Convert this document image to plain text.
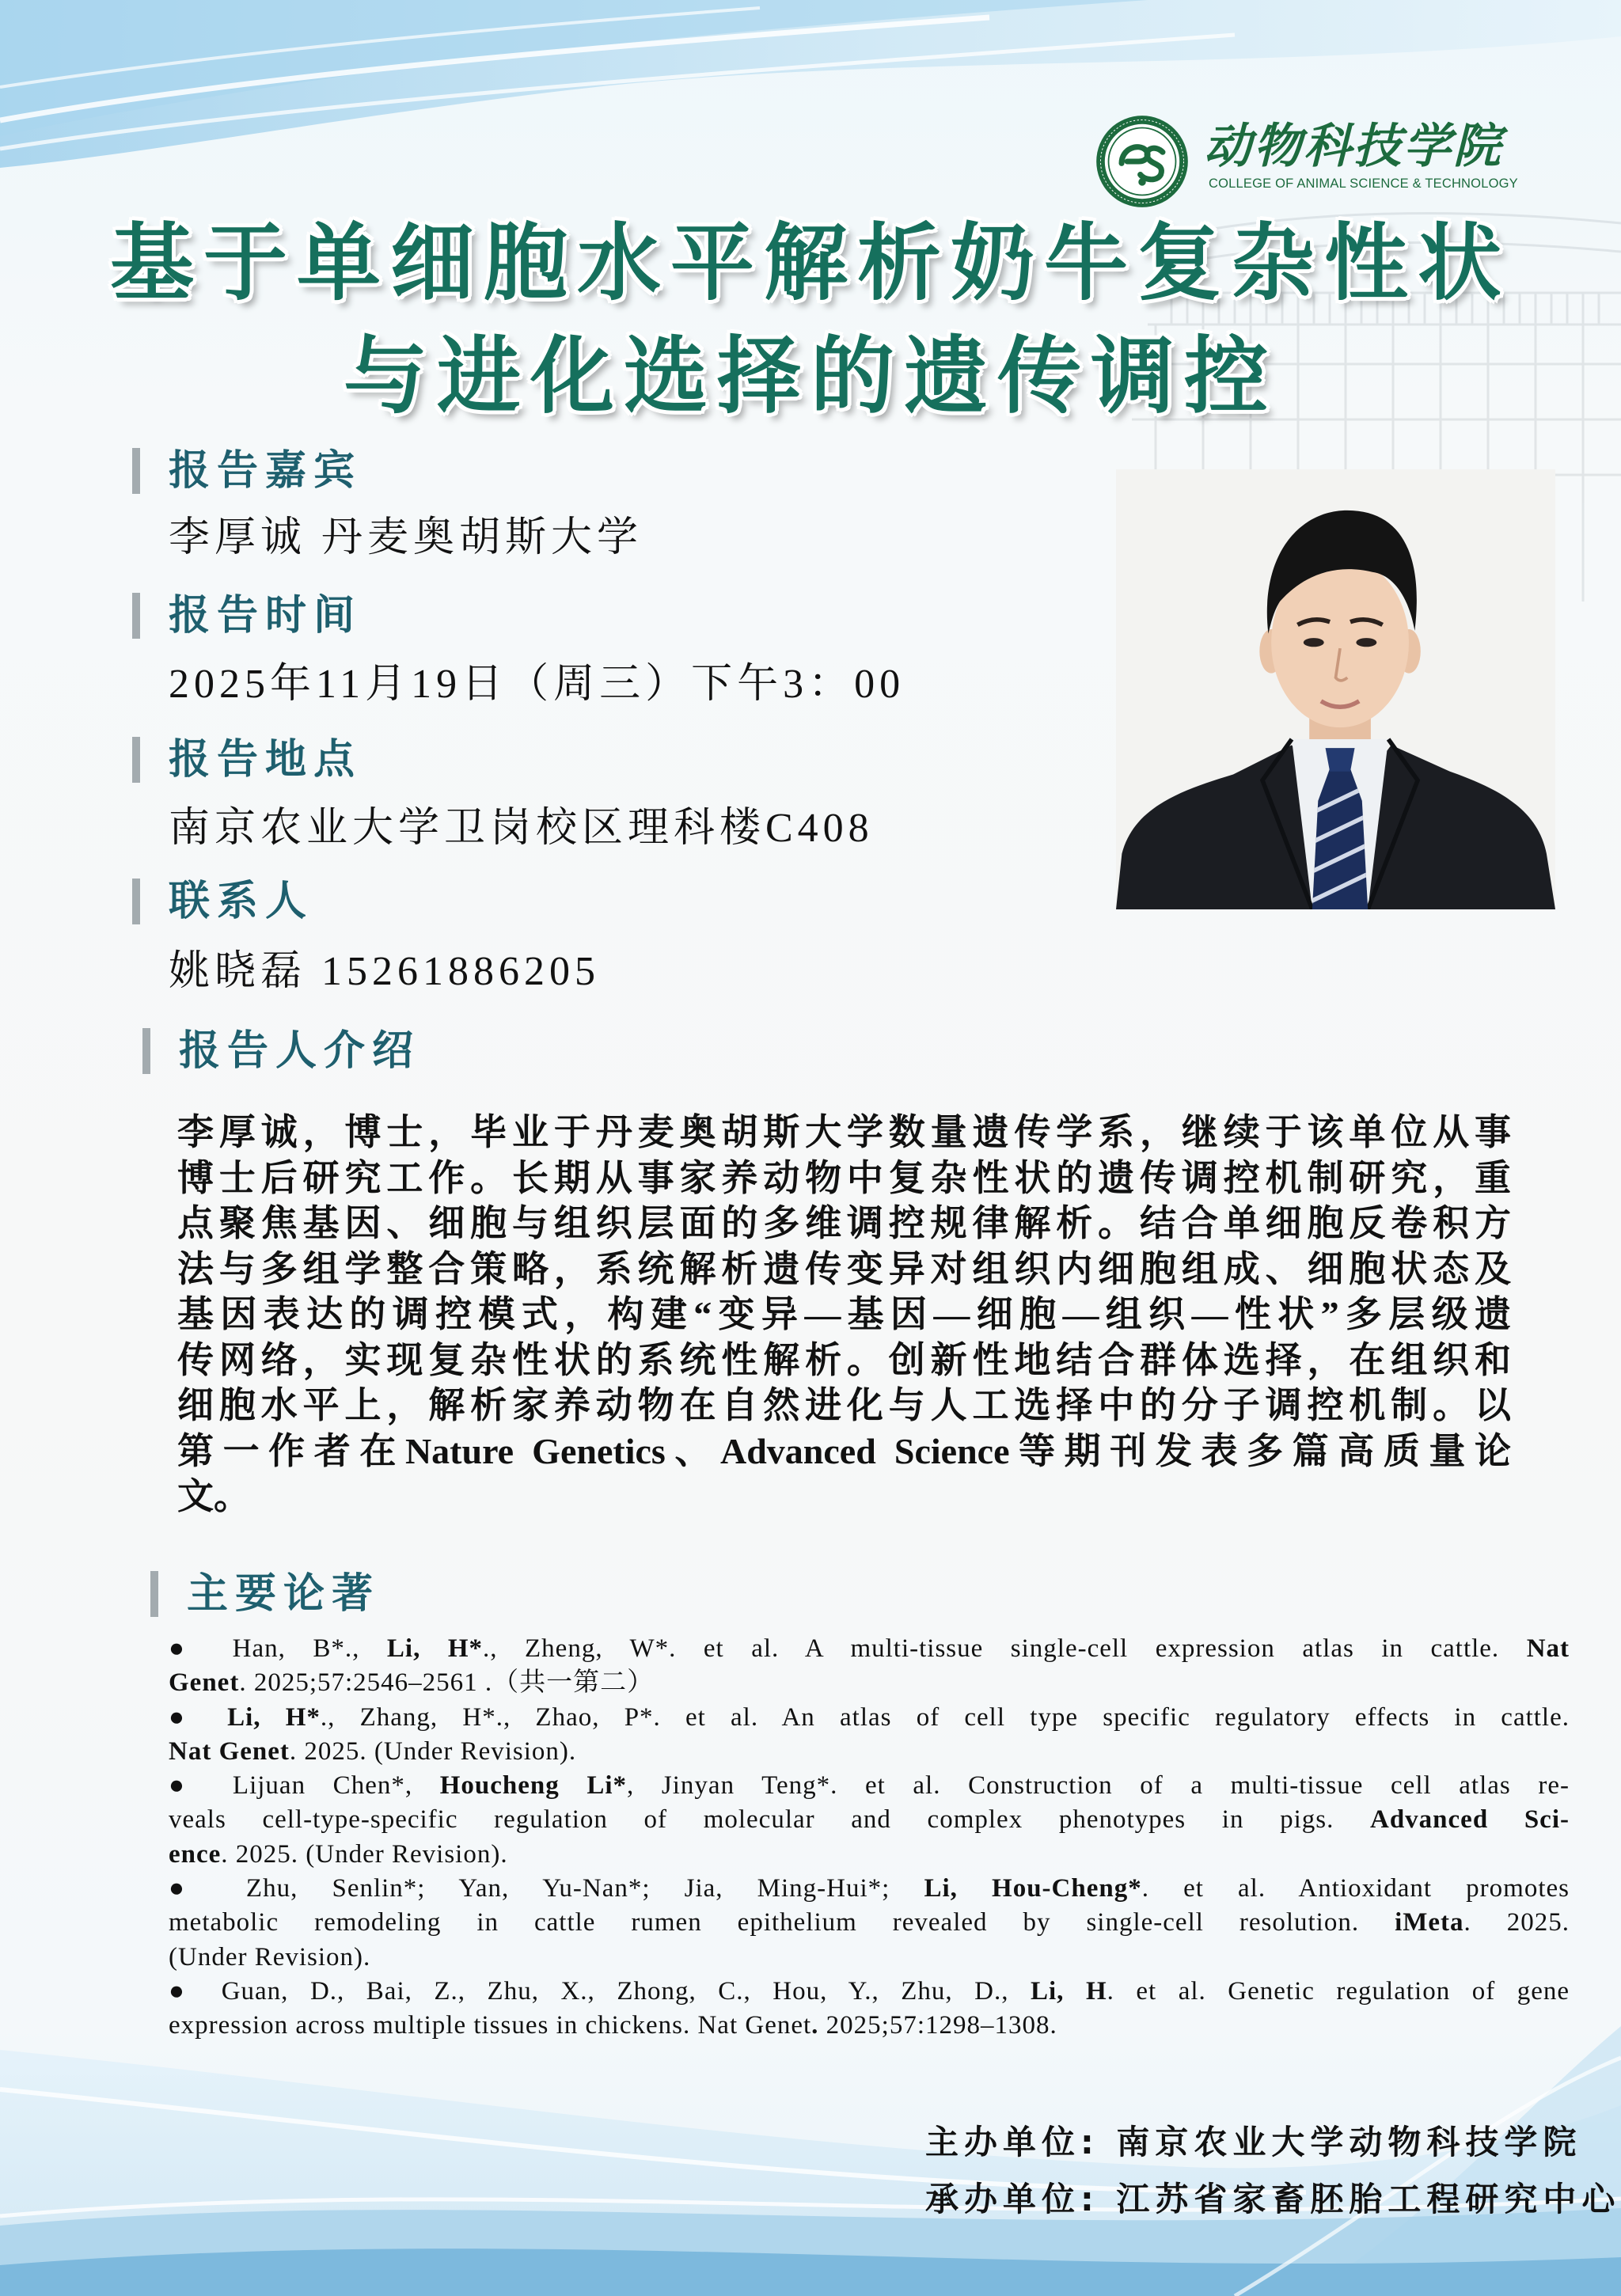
动物科技学院
COLLEGE OF ANIMAL SCIENCE & TECHNOLOGY
基于单细胞水平解析奶牛复杂性状
与进化选择的遗传调控
报告嘉宾
李厚诚 丹麦奥胡斯大学
报告时间
2025年11月19日（周三）下午3：00
报告地点
南京农业大学卫岗校区理科楼C408
联系人
姚晓磊 15261886205
报告人介绍
李厚诚，博士，毕业于丹麦奥胡斯大学数量遗传学系，继续于该单位从事
博士后研究工作。长期从事家养动物中复杂性状的遗传调控机制研究，重
点聚焦基因、细胞与组织层面的多维调控规律解析。结合单细胞反卷积方
法与多组学整合策略，系统解析遗传变异对组织内细胞组成、细胞状态及
基因表达的调控模式，构建“变异—基因—细胞—组织—性状”多层级遗
传网络，实现复杂性状的系统性解析。创新性地结合群体选择，在组织和
细胞水平上，解析家养动物在自然进化与人工选择中的分子调控机制。以
第一作者在Nature Genetics、Advanced Science等期刊发表多篇高质量论
文。
主要论著
● Han, B*., Li, H*., Zheng, W*. et al. A multi-tissue single-cell expression atlas in cattle. Nat
Genet. 2025;57:2546–2561 .（共一第二）
● Li, H*., Zhang, H*., Zhao, P*. et al. An atlas of cell type specific regulatory effects in cattle.
Nat Genet. 2025. (Under Revision).
● Lijuan Chen*, Houcheng Li*, Jinyan Teng*. et al. Construction of a multi-tissue cell atlas re-
veals cell-type-specific regulation of molecular and complex phenotypes in pigs. Advanced Sci-
ence. 2025. (Under Revision).
● Zhu, Senlin*; Yan, Yu-Nan*; Jia, Ming-Hui*; Li, Hou-Cheng*. et al. Antioxidant promotes
metabolic remodeling in cattle rumen epithelium revealed by single-cell resolution. iMeta. 2025.
(Under Revision).
● Guan, D., Bai, Z., Zhu, X., Zhong, C., Hou, Y., Zhu, D., Li, H. et al. Genetic regulation of gene
expression across multiple tissues in chickens. Nat Genet. 2025;57:1298–1308.
主办单位: 南京农业大学动物科技学院
承办单位: 江苏省家畜胚胎工程研究中心
